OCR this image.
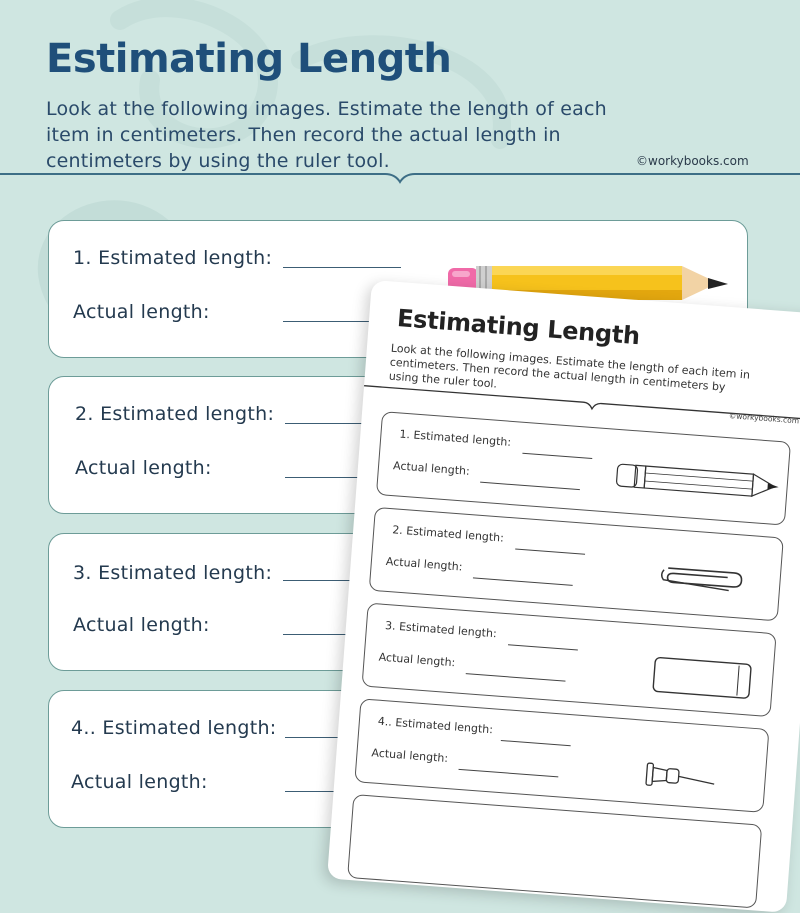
Estimating Length

Look at the following images. Estimate the length of each item in centimeters. Then record the actual length in centimeters by using the ruler tool.	©workybooks.com
1. Estimated length:
Actual length:
2. Estimated length:
Actual length:
3. Estimated length:
Actual length:
4.. Estimated length:
Actual length:
Estimating Length

Look at the following images. Estimate the length of each item in centimeters. Then record the actual length in centimeters by using the ruler tool.

©workybooks.com
1. Estimated length:
Actual length:
2. Estimated length:
Actual length:
3. Estimated length:
Actual length:
4.. Estimated length:
Actual length:
